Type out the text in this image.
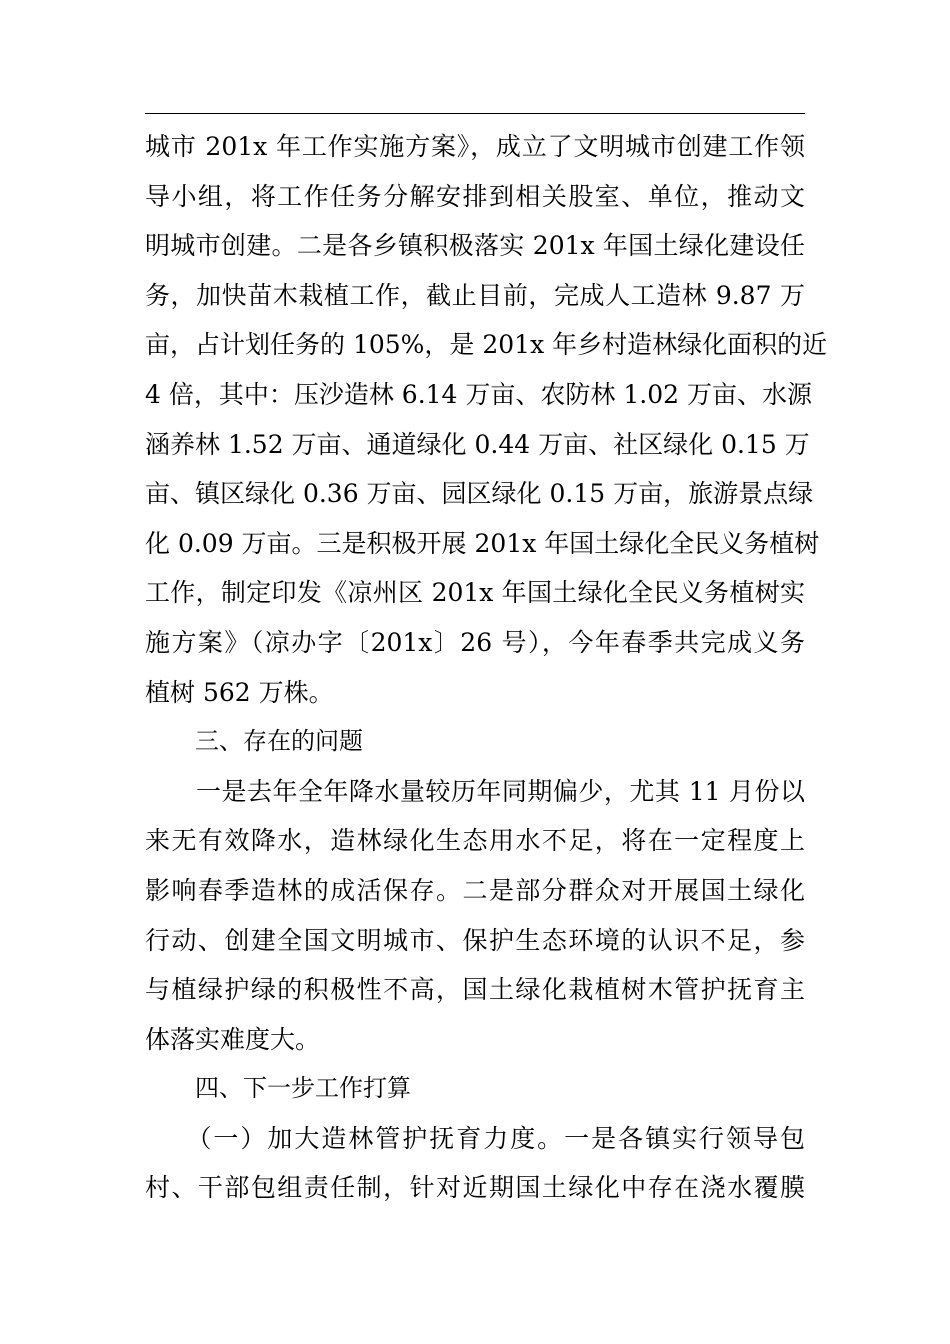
城市 201x 年工作实施方案》，成立了文明城市创建工作领
导小组，将工作任务分解安排到相关股室、单位，推动文
明城市创建。二是各乡镇积极落实 201x 年国土绿化建设任
务，加快苗木栽植工作，截止目前，完成人工造林 9.87 万
亩，占计划任务的 105%，是 201x 年乡村造林绿化面积的近
4 倍，其中：压沙造林 6.14 万亩、农防林 1.02 万亩、水源
涵养林 1.52 万亩、通道绿化 0.44 万亩、社区绿化 0.15 万
亩、镇区绿化 0.36 万亩、园区绿化 0.15 万亩，旅游景点绿
化 0.09 万亩。三是积极开展 201x 年国土绿化全民义务植树
工作，制定印发《凉州区 201x 年国土绿化全民义务植树实
施方案》（凉办字〔201x〕26 号），今年春季共完成义务
植树 562 万株。
三、存在的问题
　　一是去年全年降水量较历年同期偏少，尤其 11 月份以
来无有效降水，造林绿化生态用水不足，将在一定程度上
影响春季造林的成活保存。二是部分群众对开展国土绿化
行动、创建全国文明城市、保护生态环境的认识不足，参
与植绿护绿的积极性不高，国土绿化栽植树木管护抚育主
体落实难度大。
四、下一步工作打算
　　（一）加大造林管护抚育力度。一是各镇实行领导包
村、干部包组责任制，针对近期国土绿化中存在浇水覆膜
